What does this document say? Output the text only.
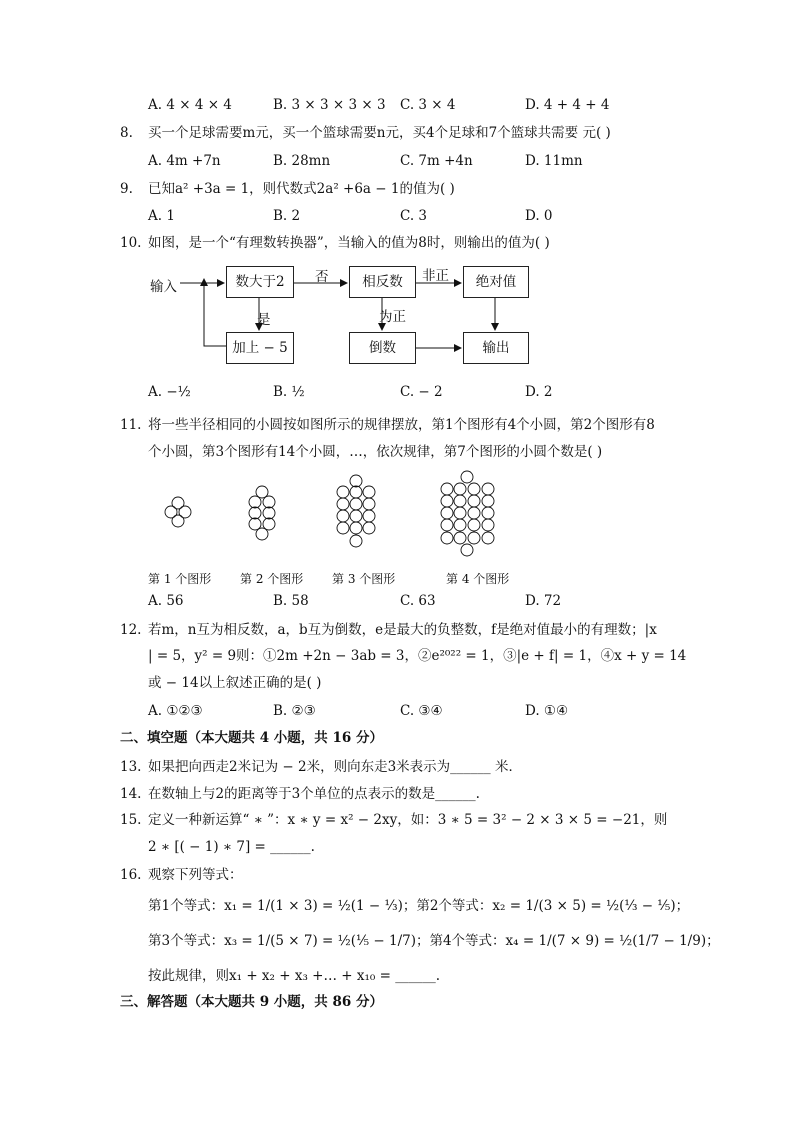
A. 4 × 4 × 4	B. 3 × 3 × 3 × 3 C. 3 × 4	D. 4 + 4 + 4
8. 买一个足球需要m元，买一个篮球需要n元，买4个足球和7个篮球共需要 元( )
A. 4m +7n	B. 28mn	C. 7m +4n	D. 11mn
9. 已知a² +3a = 1，则代数式2a² +6a − 1的值为( )
A. 1	B. 2	C. 3	D. 0
10. 如图，是一个“有理数转换器”，当输入的值为8时，则输出的值为( )
输入	数大于2	否	相反数	非正	绝对值
是	为正
加上 − 5	倒数	输出
A. −½	B. ½	C. − 2	D. 2
11. 将一些半径相同的小圆按如图所示的规律摆放，第1个图形有4个小圆，第2个图形有8
个小圆，第3个图形有14个小圆，…，依次规律，第7个图形的小圆个数是( )
第 1 个图形 第 2 个图形 第 3 个图形	第 4 个图形
A. 56	B. 58	C. 63	D. 72
12. 若m，n互为相反数，a，b互为倒数，e是最大的负整数，f是绝对值最小的有理数；|x
| = 5，y² = 9则：①2m +2n − 3ab = 3，②e²⁰²² = 1，③|e + f| = 1，④x + y = 14
或 − 14以上叙述正确的是( )
A. ①②③	B. ②③	C. ③④	D. ①④
二、填空题（本大题共 4 小题，共 16 分）
13. 如果把向西走2米记为 − 2米，则向东走3米表示为______ 米．
14. 在数轴上与2的距离等于3个单位的点表示的数是______.
15. 定义一种新运算“ ∗ ”：x ∗ y = x² − 2xy，如：3 ∗ 5 = 3² − 2 × 3 × 5 = −21，则
2 ∗ [( − 1) ∗ 7] = ______.
16. 观察下列等式：
第1个等式：x₁ = 1/(1 × 3) = ½(1 − ⅓)；第2个等式：x₂ = 1/(3 × 5) = ½(⅓ − ⅕)；
第3个等式：x₃ = 1/(5 × 7) = ½(⅕ − 1/7)；第4个等式：x₄ = 1/(7 × 9) = ½(1/7 − 1/9)；
按此规律，则x₁ + x₂ + x₃ +… + x₁₀ = ______.
三、解答题（本大题共 9 小题，共 86 分）
